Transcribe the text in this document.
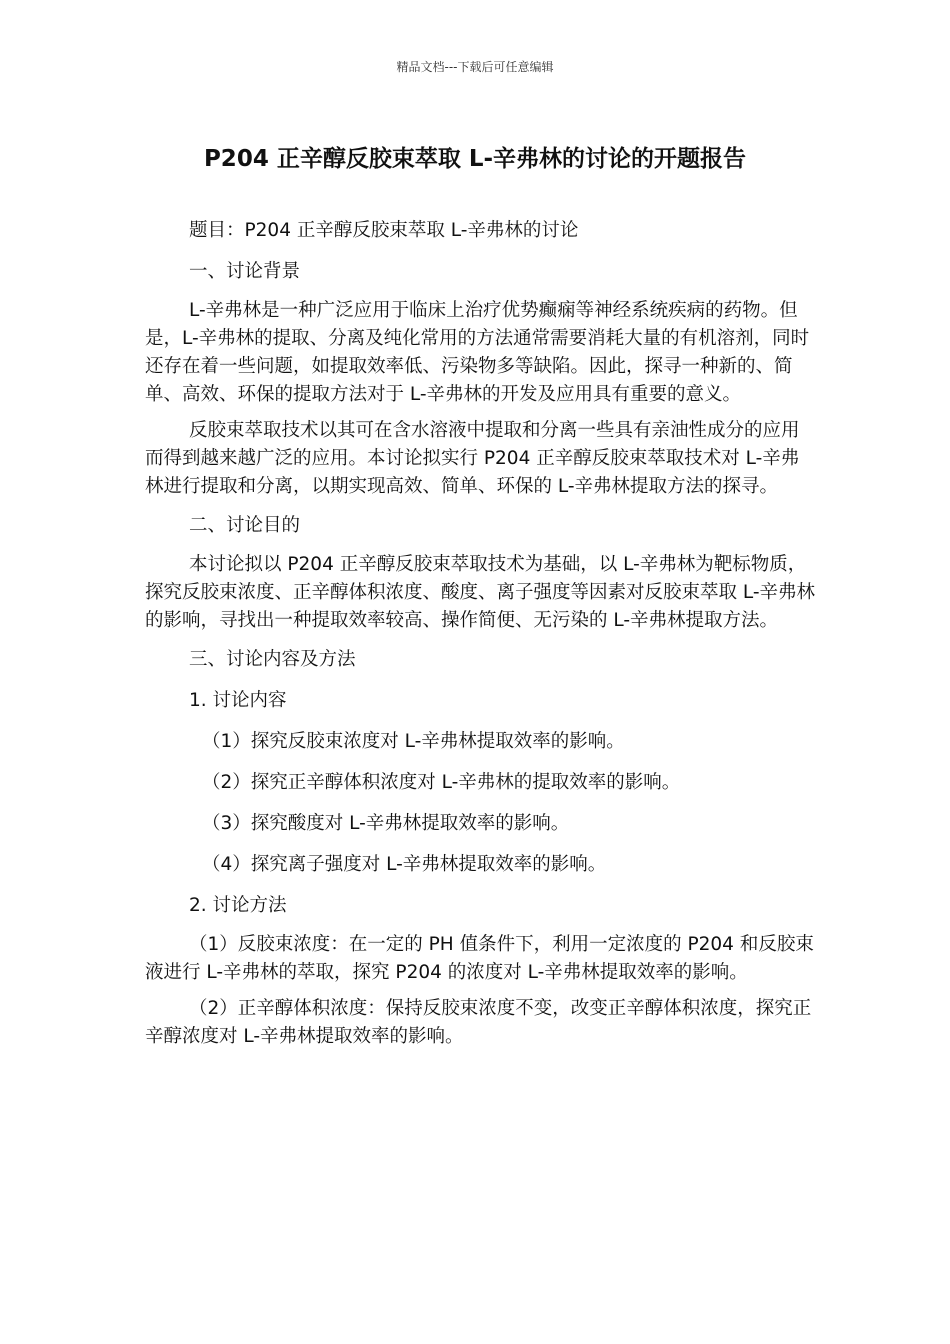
精品文档---下载后可任意编辑
P204 正辛醇反胶束萃取 L-辛弗林的讨论的开题报告

题目：P204 正辛醇反胶束萃取 L-辛弗林的讨论

一、讨论背景

L-辛弗林是一种广泛应用于临床上治疗优势癫痫等神经系统疾病的药物。但是，L-辛弗林的提取、分离及纯化常用的方法通常需要消耗大量的有机溶剂，同时还存在着一些问题，如提取效率低、污染物多等缺陷。因此，探寻一种新的、简单、高效、环保的提取方法对于 L-辛弗林的开发及应用具有重要的意义。

反胶束萃取技术以其可在含水溶液中提取和分离一些具有亲油性成分的应用而得到越来越广泛的应用。本讨论拟实行 P204 正辛醇反胶束萃取技术对 L-辛弗林进行提取和分离，以期实现高效、简单、环保的 L-辛弗林提取方法的探寻。

二、讨论目的

本讨论拟以 P204 正辛醇反胶束萃取技术为基础，以 L-辛弗林为靶标物质，探究反胶束浓度、正辛醇体积浓度、酸度、离子强度等因素对反胶束萃取 L-辛弗林的影响，寻找出一种提取效率较高、操作简便、无污染的 L-辛弗林提取方法。

三、讨论内容及方法

1. 讨论内容

（1）探究反胶束浓度对 L-辛弗林提取效率的影响。

（2）探究正辛醇体积浓度对 L-辛弗林的提取效率的影响。

（3）探究酸度对 L-辛弗林提取效率的影响。

（4）探究离子强度对 L-辛弗林提取效率的影响。

2. 讨论方法

（1）反胶束浓度：在一定的 PH 值条件下，利用一定浓度的 P204 和反胶束液进行 L-辛弗林的萃取，探究 P204 的浓度对 L-辛弗林提取效率的影响。

（2）正辛醇体积浓度：保持反胶束浓度不变，改变正辛醇体积浓度，探究正辛醇浓度对 L-辛弗林提取效率的影响。
